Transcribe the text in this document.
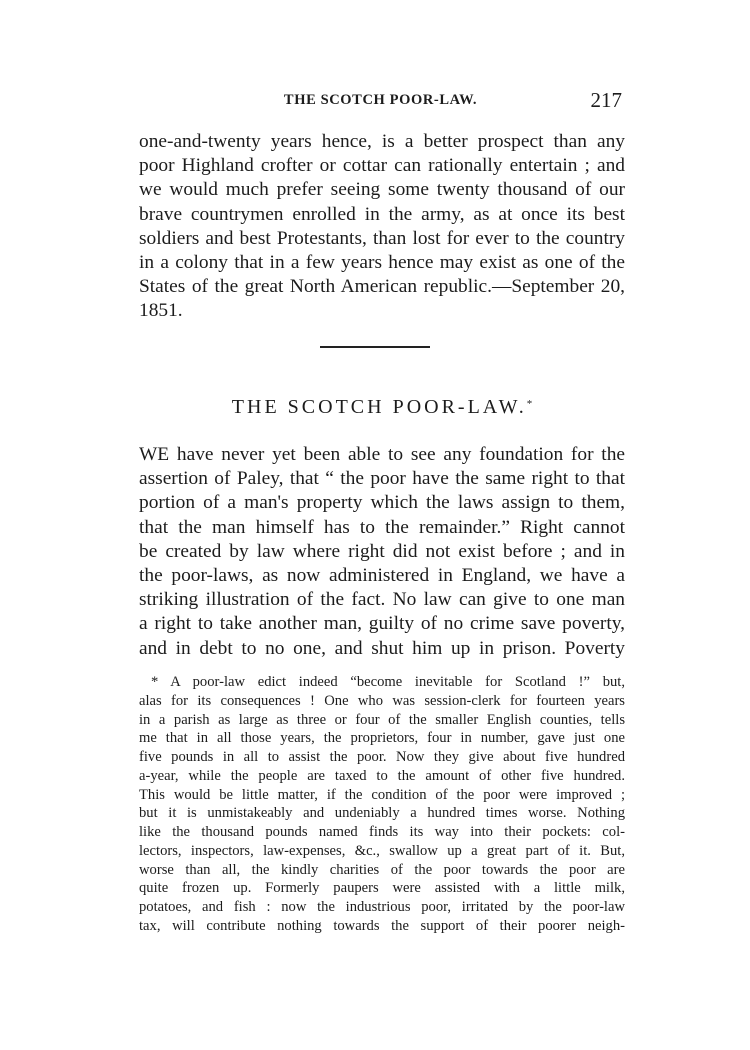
THE SCOTCH POOR-LAW.	217
one-and-twenty years hence, is a better prospect than any
poor Highland crofter or cottar can rationally entertain ; and
we would much prefer seeing some twenty thousand of our
brave countrymen enrolled in the army, as at once its best
soldiers and best Protestants, than lost for ever to the country
in a colony that in a few years hence may exist as one of the
States of the great North American republic.—September 20,
1851.
THE SCOTCH POOR-LAW.*
WE have never yet been able to see any foundation for the
assertion of Paley, that “ the poor have the same right to that
portion of a man's property which the laws assign to them,
that the man himself has to the remainder.” Right cannot
be created by law where right did not exist before ; and in
the poor-laws, as now administered in England, we have a
striking illustration of the fact. No law can give to one man
a right to take another man, guilty of no crime save poverty,
and in debt to no one, and shut him up in prison. Poverty
* A poor-law edict indeed “become inevitable for Scotland !” but,
alas for its consequences ! One who was session-clerk for fourteen years
in a parish as large as three or four of the smaller English counties, tells
me that in all those years, the proprietors, four in number, gave just one
five pounds in all to assist the poor. Now they give about five hundred
a-year, while the people are taxed to the amount of other five hundred.
This would be little matter, if the condition of the poor were improved ;
but it is unmistakeably and undeniably a hundred times worse. Nothing
like the thousand pounds named finds its way into their pockets: col-
lectors, inspectors, law-expenses, &c., swallow up a great part of it. But,
worse than all, the kindly charities of the poor towards the poor are
quite frozen up. Formerly paupers were assisted with a little milk,
potatoes, and fish : now the industrious poor, irritated by the poor-law
tax, will contribute nothing towards the support of their poorer neigh-
